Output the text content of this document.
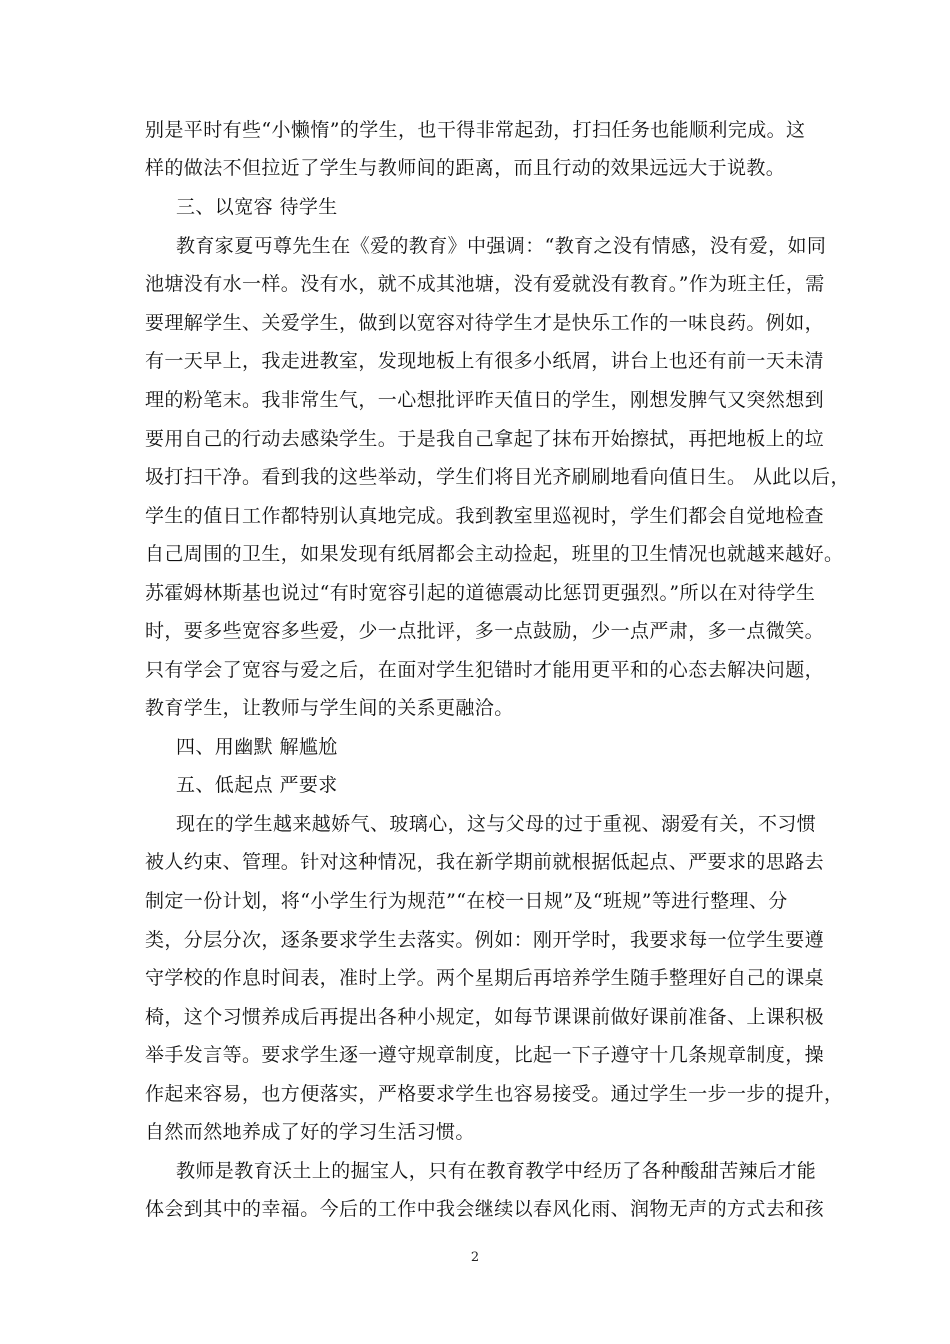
别是平时有些“小懒惰”的学生，也干得非常起劲，打扫任务也能顺利完成。这

样的做法不但拉近了学生与教师间的距离，而且行动的效果远远大于说教。

三、以宽容 待学生

教育家夏丏尊先生在《爱的教育》中强调：“教育之没有情感，没有爱，如同

池塘没有水一样。没有水，就不成其池塘，没有爱就没有教育。”作为班主任，需

要理解学生、关爱学生，做到以宽容对待学生才是快乐工作的一味良药。例如，

有一天早上，我走进教室，发现地板上有很多小纸屑，讲台上也还有前一天未清

理的粉笔末。我非常生气，一心想批评昨天值日的学生，刚想发脾气又突然想到

要用自己的行动去感染学生。于是我自己拿起了抹布开始擦拭，再把地板上的垃

圾打扫干净。看到我的这些举动，学生们将目光齐刷刷地看向值日生。 从此以后，

学生的值日工作都特别认真地完成。我到教室里巡视时，学生们都会自觉地检查

自己周围的卫生，如果发现有纸屑都会主动捡起，班里的卫生情况也就越来越好。

苏霍姆林斯基也说过“有时宽容引起的道德震动比惩罚更强烈。”所以在对待学生

时，要多些宽容多些爱，少一点批评，多一点鼓励，少一点严肃，多一点微笑。

只有学会了宽容与爱之后，在面对学生犯错时才能用更平和的心态去解决问题，

教育学生，让教师与学生间的关系更融洽。

四、用幽默 解尴尬

五、低起点 严要求

现在的学生越来越娇气、玻璃心，这与父母的过于重视、溺爱有关，不习惯

被人约束、管理。针对这种情况，我在新学期前就根据低起点、严要求的思路去

制定一份计划，将“小学生行为规范”“在校一日规”及“班规”等进行整理、分

类，分层分次，逐条要求学生去落实。例如：刚开学时，我要求每一位学生要遵

守学校的作息时间表，准时上学。两个星期后再培养学生随手整理好自己的课桌

椅，这个习惯养成后再提出各种小规定，如每节课课前做好课前准备、上课积极

举手发言等。要求学生逐一遵守规章制度，比起一下子遵守十几条规章制度，操

作起来容易，也方便落实，严格要求学生也容易接受。通过学生一步一步的提升，

自然而然地养成了好的学习生活习惯。

教师是教育沃土上的掘宝人，只有在教育教学中经历了各种酸甜苦辣后才能

体会到其中的幸福。今后的工作中我会继续以春风化雨、润物无声的方式去和孩

2
